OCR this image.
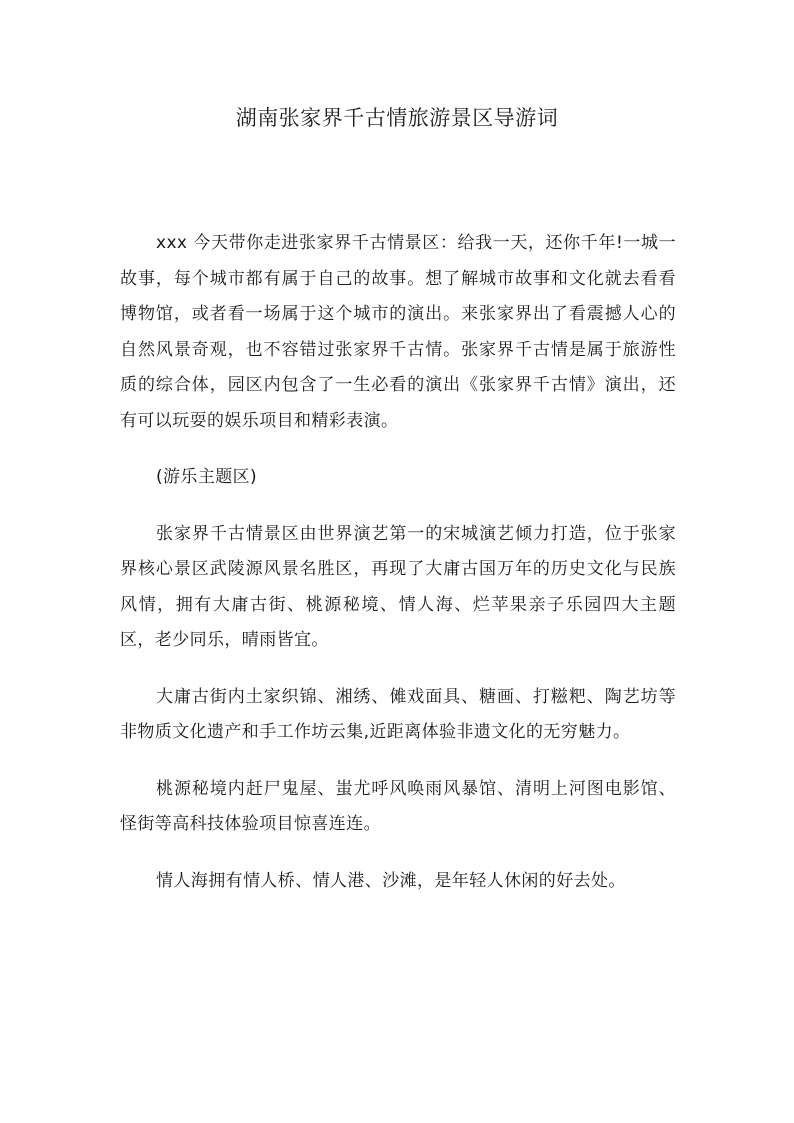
湖南张家界千古情旅游景区导游词

xxx 今天带你走进张家界千古情景区：给我一天，还你千年!一城一故事，每个城市都有属于自己的故事。想了解城市故事和文化就去看看博物馆，或者看一场属于这个城市的演出。来张家界出了看震撼人心的自然风景奇观，也不容错过张家界千古情。张家界千古情是属于旅游性质的综合体，园区内包含了一生必看的演出《张家界千古情》演出，还有可以玩耍的娱乐项目和精彩表演。

(游乐主题区)

张家界千古情景区由世界演艺第一的宋城演艺倾力打造，位于张家界核心景区武陵源风景名胜区，再现了大庸古国万年的历史文化与民族风情，拥有大庸古街、桃源秘境、情人海、烂苹果亲子乐园四大主题区，老少同乐，晴雨皆宜。

大庸古街内土家织锦、湘绣、傩戏面具、糖画、打糍粑、陶艺坊等非物质文化遗产和手工作坊云集,近距离体验非遗文化的无穷魅力。

桃源秘境内赶尸鬼屋、蚩尤呼风唤雨风暴馆、清明上河图电影馆、怪街等高科技体验项目惊喜连连。

情人海拥有情人桥、情人港、沙滩，是年轻人休闲的好去处。
